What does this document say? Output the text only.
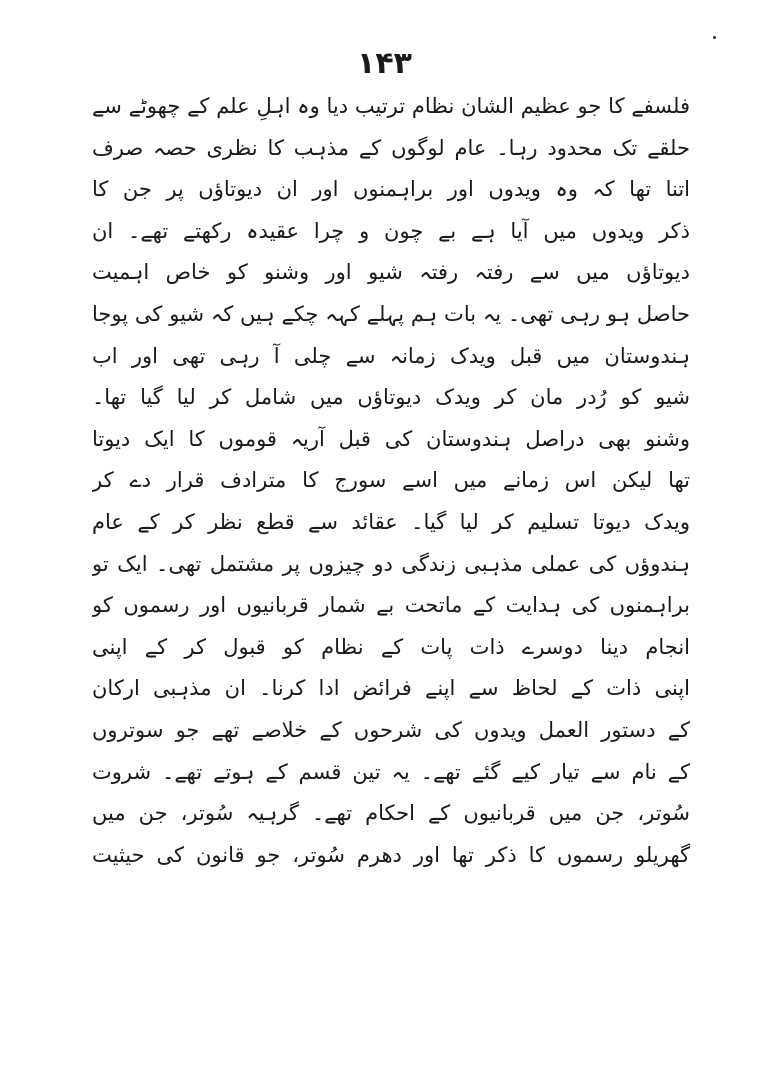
۱۴۳
فلسفے کا جو عظیم الشان نظام ترتیب دیا وہ اہلِ علم کے چھوٹے سے
حلقے تک محدود رہا۔ عام لوگوں کے مذہب کا نظری حصہ صرف
اتنا تھا کہ وہ ویدوں اور براہمنوں اور ان دیوتاؤں پر جن کا
ذکر ویدوں میں آیا ہے بے چون و چرا عقیدہ رکھتے تھے۔ ان
دیوتاؤں میں سے رفتہ رفتہ شیو اور وشنو کو خاص اہمیت
حاصل ہو رہی تھی۔ یہ بات ہم پہلے کہہ چکے ہیں کہ شیو کی پوجا
ہندوستان میں قبل ویدک زمانہ سے چلی آ رہی تھی اور اب
شیو کو رُدر مان کر ویدک دیوتاؤں میں شامل کر لیا گیا تھا۔
وشنو بھی دراصل ہندوستان کی قبل آریہ قوموں کا ایک دیوتا
تھا لیکن اس زمانے میں اسے سورج کا مترادف قرار دے کر
ویدک دیوتا تسلیم کر لیا گیا۔ عقائد سے قطع نظر کر کے عام
ہندوؤں کی عملی مذہبی زندگی دو چیزوں پر مشتمل تھی۔ ایک تو
براہمنوں کی ہدایت کے ماتحت بے شمار قربانیوں اور رسموں کو
انجام دینا دوسرے ذات پات کے نظام کو قبول کر کے اپنی
اپنی ذات کے لحاظ سے اپنے فرائض ادا کرنا۔ ان مذہبی ارکان
کے دستور العمل ویدوں کی شرحوں کے خلاصے تھے جو سوتروں
کے نام سے تیار کیے گئے تھے۔ یہ تین قسم کے ہوتے تھے۔ شروت
سُوتر، جن میں قربانیوں کے احکام تھے۔ گرہیہ سُوتر، جن میں
گھریلو رسموں کا ذکر تھا اور دھرم سُوتر، جو قانون کی حیثیت
